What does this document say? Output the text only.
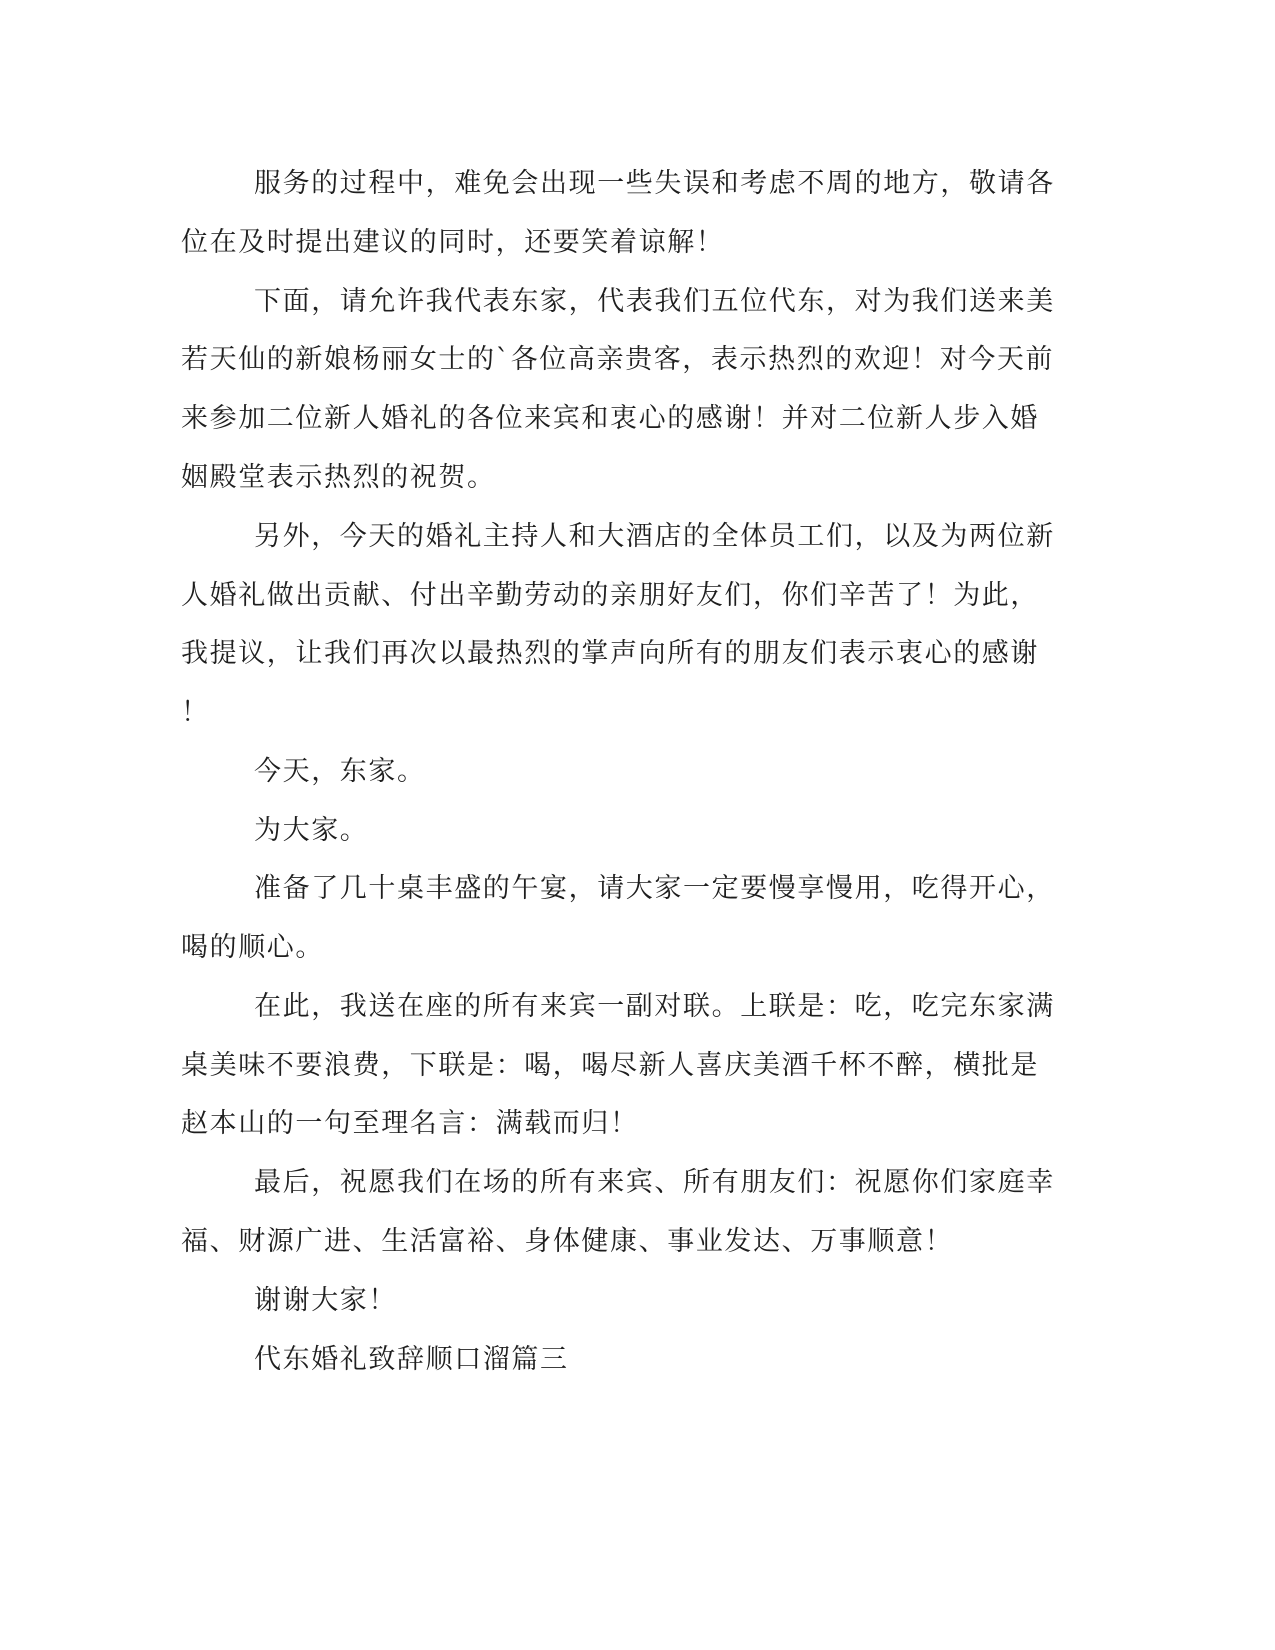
服务的过程中，难免会出现一些失误和考虑不周的地方，敬请各
位在及时提出建议的同时，还要笑着谅解！
下面，请允许我代表东家，代表我们五位代东，对为我们送来美
若天仙的新娘杨丽女士的`各位高亲贵客，表示热烈的欢迎！对今天前
来参加二位新人婚礼的各位来宾和衷心的感谢！并对二位新人步入婚
姻殿堂表示热烈的祝贺。
另外，今天的婚礼主持人和大酒店的全体员工们，以及为两位新
人婚礼做出贡献、付出辛勤劳动的亲朋好友们，你们辛苦了！为此，
我提议，让我们再次以最热烈的掌声向所有的朋友们表示衷心的感谢
！
今天，东家。
为大家。
准备了几十桌丰盛的午宴，请大家一定要慢享慢用，吃得开心，
喝的顺心。
在此，我送在座的所有来宾一副对联。上联是：吃，吃完东家满
桌美味不要浪费，下联是：喝，喝尽新人喜庆美酒千杯不醉，横批是
赵本山的一句至理名言：满载而归！
最后，祝愿我们在场的所有来宾、所有朋友们：祝愿你们家庭幸
福、财源广进、生活富裕、身体健康、事业发达、万事顺意！
谢谢大家！
代东婚礼致辞顺口溜篇三
